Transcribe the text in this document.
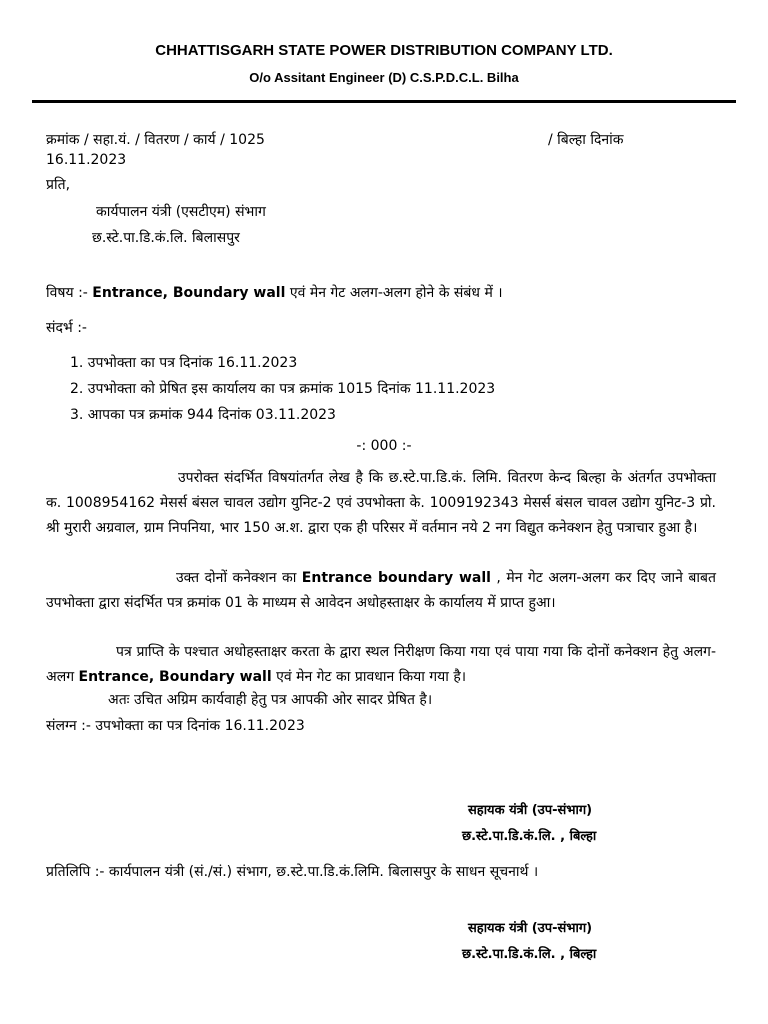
CHHATTISGARH STATE POWER DISTRIBUTION COMPANY LTD.
O/o Assitant Engineer (D) C.S.P.D.C.L. Bilha
क्रमांक / सहा.यं. / वितरण / कार्य / 1025	/ बिल्हा दिनांक
16.11.2023
प्रति,
कार्यपालन यंत्री (एसटीएम) संभाग
छ.स्टे.पा.डि.कं.लि. बिलासपुर
विषय :- Entrance, Boundary wall एवं मेन गेट अलग-अलग होने के संबंध में ।
संदर्भ :-
1. उपभोक्ता का पत्र दिनांक 16.11.2023
2. उपभोक्ता को प्रेषित इस कार्यालय का पत्र क्रमांक 1015 दिनांक 11.11.2023
3. आपका पत्र क्रमांक 944 दिनांक 03.11.2023
-: 000 :-
उपरोक्त संदर्भित विषयांतर्गत लेख है कि छ.स्टे.पा.डि.कं. लिमि. वितरण केन्द बिल्हा के अंतर्गत उपभोक्ता क. 1008954162 मेसर्स बंसल चावल उद्योग युनिट-2 एवं उपभोक्ता के. 1009192343 मेसर्स बंसल चावल उद्योग युनिट-3 प्रो. श्री मुरारी अग्रवाल, ग्राम निपनिया, भार 150 अ.श. द्वारा एक ही परिसर में वर्तमान नये 2 नग विद्युत कनेक्शन हेतु पत्राचार हुआ है।
उक्त दोनों कनेक्शन का Entrance boundary wall , मेन गेट अलग-अलग कर दिए जाने बाबत उपभोक्ता द्वारा संदर्भित पत्र क्रमांक 01 के माध्यम से आवेदन अधोहस्ताक्षर के कार्यालय में प्राप्त हुआ।
पत्र प्राप्ति के पश्चात अधोहस्ताक्षर करता के द्वारा स्थल निरीक्षण किया गया एवं पाया गया कि दोनों कनेक्शन हेतु अलग-अलग Entrance, Boundary wall एवं मेन गेट का प्रावधान किया गया है।
अतः उचित अग्रिम कार्यवाही हेतु पत्र आपकी ओर सादर प्रेषित है।
संलग्न :- उपभोक्ता का पत्र दिनांक 16.11.2023
सहायक यंत्री (उप-संभाग)
छ.स्टे.पा.डि.कं.लि. , बिल्हा
प्रतिलिपि :- कार्यपालन यंत्री (सं./सं.) संभाग, छ.स्टे.पा.डि.कं.लिमि. बिलासपुर के साधन सूचनार्थ ।
सहायक यंत्री (उप-संभाग)
छ.स्टे.पा.डि.कं.लि. , बिल्हा
